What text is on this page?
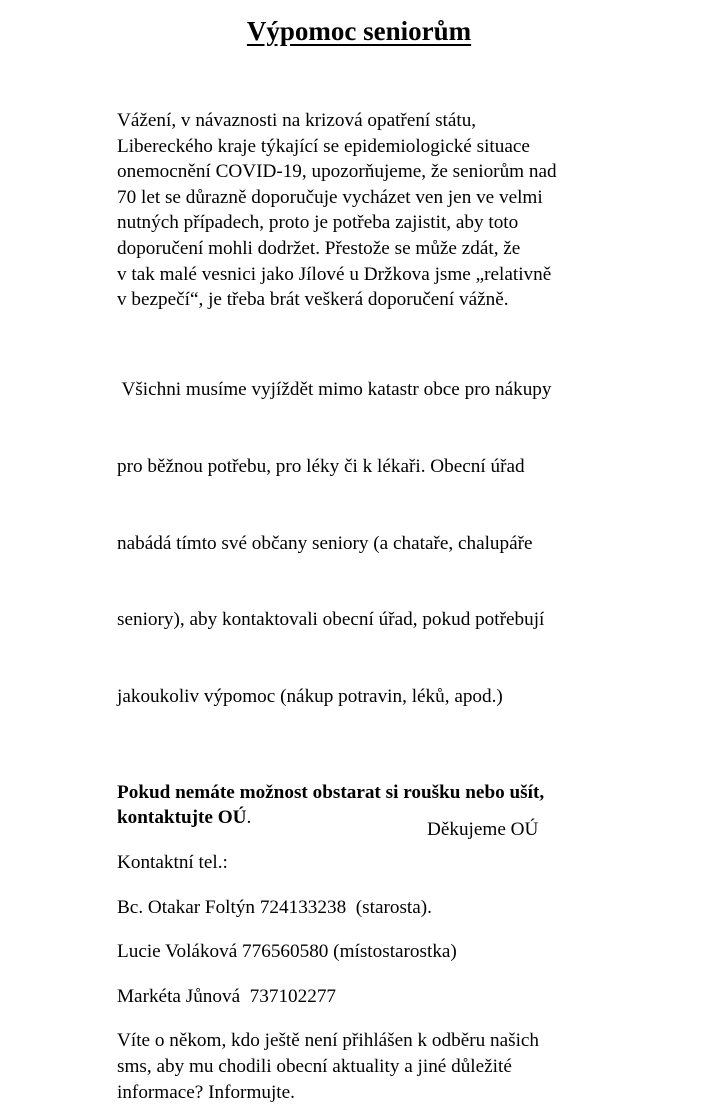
Výpomoc seniorům

Vážení, v návaznosti na krizová opatření státu,
Libereckého kraje týkající se epidemiologické situace
onemocnění COVID-19, upozorňujeme, že seniorům nad
70 let se důrazně doporučuje vycházet ven jen ve velmi
nutných případech, proto je potřeba zajistit, aby toto
doporučení mohli dodržet. Přestože se může zdát, že
v tak malé vesnici jako Jílové u Držkova jsme „relativně
v bezpečí“, je třeba brát veškerá doporučení vážně.

Všichni musíme vyjíždět mimo katastr obce pro nákupy

pro běžnou potřebu, pro léky či k lékaři. Obecní úřad

nabádá tímto své občany seniory (a chataře, chalupáře

seniory), aby kontaktovali obecní úřad, pokud potřebují

jakoukoliv výpomoc (nákup potravin, léků, apod.)

Pokud nemáte možnost obstarat si roušku nebo ušít,
kontaktujte OÚ.

Kontaktní tel.:

Bc. Otakar Foltýn 724133238  (starosta).

Lucie Voláková 776560580 (místostarostka)

Markéta Jůnová  737102277

Víte o někom, kdo ještě není přihlášen k odběru našich
sms, aby mu chodili obecní aktuality a jiné důležité
informace? Informujte.

Děkujeme OÚ
